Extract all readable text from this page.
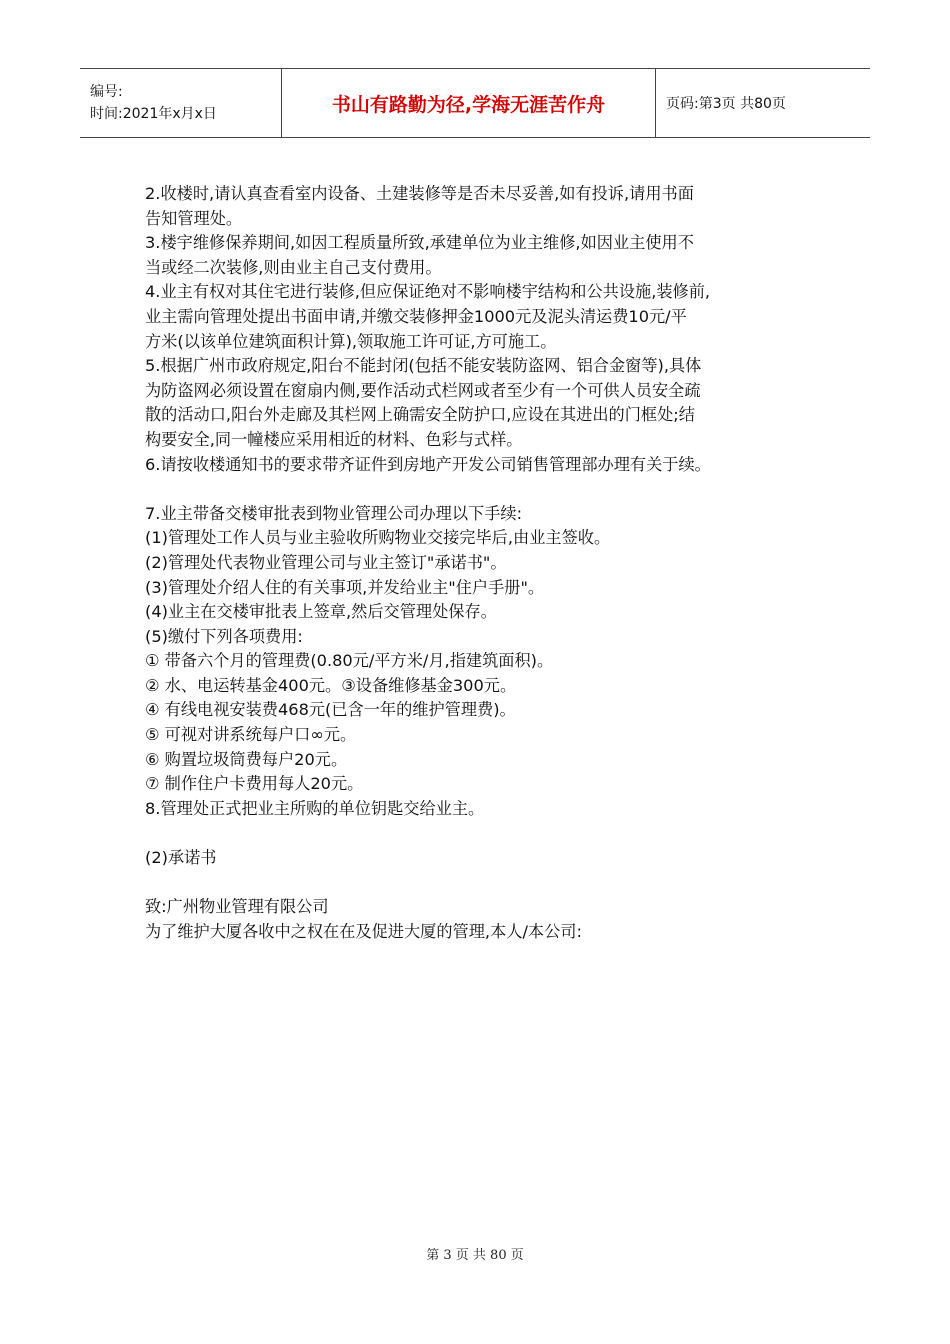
编号:
时间:2021年x月x日	书山有路勤为径,学海无涯苦作舟	页码:第3页 共80页

2.收楼时,请认真查看室内设备、土建装修等是否未尽妥善,如有投诉,请用书面

告知管理处。

3.楼宇维修保养期间,如因工程质量所致,承建单位为业主维修,如因业主使用不

当或经二次装修,则由业主自己支付费用。

4.业主有权对其住宅进行装修,但应保证绝对不影响楼宇结构和公共设施,装修前,

业主需向管理处提出书面申请,并缴交装修押金1000元及泥头清运费10元/平

方米(以该单位建筑面积计算),领取施工许可证,方可施工。

5.根据广州市政府规定,阳台不能封闭(包括不能安装防盗网、铝合金窗等),具体

为防盗网必须设置在窗扇内侧,要作活动式栏网或者至少有一个可供人员安全疏

散的活动口,阳台外走廊及其栏网上确需安全防护口,应设在其进出的门框处;结

构要安全,同一幢楼应采用相近的材料、色彩与式样。

6.请按收楼通知书的要求带齐证件到房地产开发公司销售管理部办理有关于续。

7.业主带备交楼审批表到物业管理公司办理以下手续:

(1)管理处工作人员与业主验收所购物业交接完毕后,由业主签收。

(2)管理处代表物业管理公司与业主签订"承诺书"。

(3)管理处介绍人住的有关事项,并发给业主"住户手册"。

(4)业主在交楼审批表上签章,然后交管理处保存。

(5)缴付下列各项费用:

① 带备六个月的管理费(0.80元/平方米/月,指建筑面积)。

② 水、电运转基金400元。③设备维修基金300元。

④ 有线电视安装费468元(已含一年的维护管理费)。

⑤ 可视对讲系统每户口∞元。

⑥ 购置垃圾筒费每户20元。

⑦ 制作住户卡费用每人20元。

8.管理处正式把业主所购的单位钥匙交给业主。

(2)承诺书

致:广州物业管理有限公司

为了维护大厦各收中之权在在及促进大厦的管理,本人/本公司:

第 3 页 共 80 页
